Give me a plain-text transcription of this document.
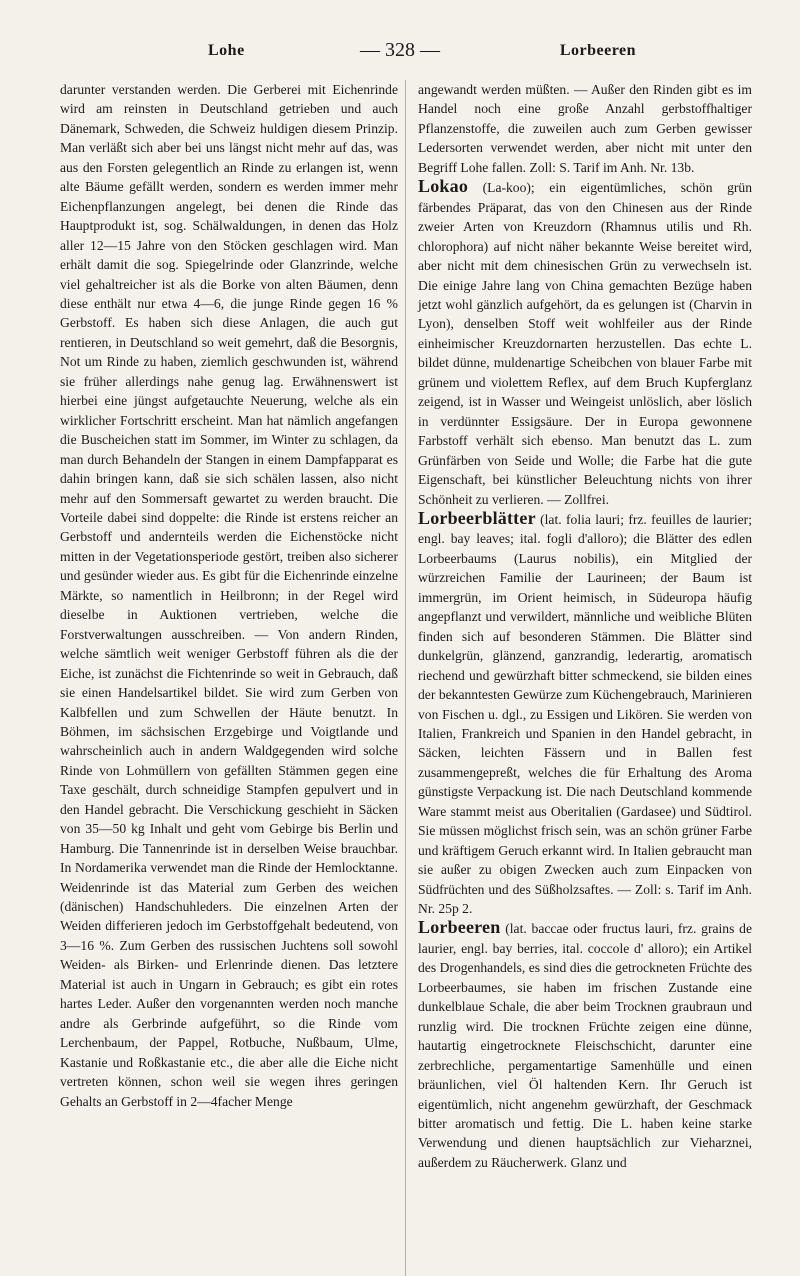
Lohe	— 328 —	Lorbeeren

darunter verstanden werden. Die Gerberei mit Eichenrinde wird am reinsten in Deutschland getrieben und auch Dänemark, Schweden, die Schweiz huldigen diesem Prinzip. Man verläßt sich aber bei uns längst nicht mehr auf das, was aus den Forsten gelegentlich an Rinde zu erlangen ist, wenn alte Bäume gefällt werden, sondern es werden immer mehr Eichenpflanzungen angelegt, bei denen die Rinde das Hauptprodukt ist, sog. Schälwaldungen, in denen das Holz aller 12—15 Jahre von den Stöcken geschlagen wird. Man erhält damit die sog. Spiegelrinde oder Glanzrinde, welche viel gehaltreicher ist als die Borke von alten Bäumen, denn diese enthält nur etwa 4—6, die junge Rinde gegen 16 % Gerbstoff. Es haben sich diese Anlagen, die auch gut rentieren, in Deutschland so weit gemehrt, daß die Besorgnis, Not um Rinde zu haben, ziemlich geschwunden ist, während sie früher allerdings nahe genug lag. Erwähnenswert ist hierbei eine jüngst aufgetauchte Neuerung, welche als ein wirklicher Fortschritt erscheint. Man hat nämlich angefangen die Buscheichen statt im Sommer, im Winter zu schlagen, da man durch Behandeln der Stangen in einem Dampfapparat es dahin bringen kann, daß sie sich schälen lassen, also nicht mehr auf den Sommersaft gewartet zu werden braucht. Die Vorteile dabei sind doppelte: die Rinde ist erstens reicher an Gerbstoff und andernteils werden die Eichenstöcke nicht mitten in der Vegetationsperiode gestört, treiben also sicherer und gesünder wieder aus. Es gibt für die Eichenrinde einzelne Märkte, so namentlich in Heilbronn; in der Regel wird dieselbe in Auktionen vertrieben, welche die Forstverwaltungen ausschreiben. — Von andern Rinden, welche sämtlich weit weniger Gerbstoff führen als die der Eiche, ist zunächst die Fichtenrinde so weit in Gebrauch, daß sie einen Handelsartikel bildet. Sie wird zum Gerben von Kalbfellen und zum Schwellen der Häute benutzt. In Böhmen, im sächsischen Erzgebirge und Voigtlande und wahrscheinlich auch in andern Waldgegenden wird solche Rinde von Lohmüllern von gefällten Stämmen gegen eine Taxe geschält, durch schneidige Stampfen gepulvert und in den Handel gebracht. Die Verschickung geschieht in Säcken von 35—50 kg Inhalt und geht vom Gebirge bis Berlin und Hamburg. Die Tannenrinde ist in derselben Weise brauchbar. In Nordamerika verwendet man die Rinde der Hemlocktanne. Weidenrinde ist das Material zum Gerben des weichen (dänischen) Handschuhleders. Die einzelnen Arten der Weiden differieren jedoch im Gerbstoffgehalt bedeutend, von 3—16 %. Zum Gerben des russischen Juchtens soll sowohl Weiden- als Birken- und Erlenrinde dienen. Das letztere Material ist auch in Ungarn in Gebrauch; es gibt ein rotes hartes Leder. Außer den vorgenannten werden noch manche andre als Gerbrinde aufgeführt, so die Rinde vom Lerchenbaum, der Pappel, Rotbuche, Nußbaum, Ulme, Kastanie und Roßkastanie etc., die aber alle die Eiche nicht vertreten können, schon weil sie wegen ihres geringen Gehalts an Gerbstoff in 2—4facher Menge

angewandt werden müßten. — Außer den Rinden gibt es im Handel noch eine große Anzahl gerbstoffhaltiger Pflanzenstoffe, die zuweilen auch zum Gerben gewisser Ledersorten verwendet werden, aber nicht mit unter den Begriff Lohe fallen. Zoll: S. Tarif im Anh. Nr. 13b.

Lokao (La-koo); ein eigentümliches, schön grün färbendes Präparat, das von den Chinesen aus der Rinde zweier Arten von Kreuzdorn (Rhamnus utilis und Rh. chlorophora) auf nicht näher bekannte Weise bereitet wird, aber nicht mit dem chinesischen Grün zu verwechseln ist. Die einige Jahre lang von China gemachten Bezüge haben jetzt wohl gänzlich aufgehört, da es gelungen ist (Charvin in Lyon), denselben Stoff weit wohlfeiler aus der Rinde einheimischer Kreuzdornarten herzustellen. Das echte L. bildet dünne, muldenartige Scheibchen von blauer Farbe mit grünem und violettem Reflex, auf dem Bruch Kupferglanz zeigend, ist in Wasser und Weingeist unlöslich, aber löslich in verdünnter Essigsäure. Der in Europa gewonnene Farbstoff verhält sich ebenso. Man benutzt das L. zum Grünfärben von Seide und Wolle; die Farbe hat die gute Eigenschaft, bei künstlicher Beleuchtung nichts von ihrer Schönheit zu verlieren. — Zollfrei.

Lorbeerblätter (lat. folia lauri; frz. feuilles de laurier; engl. bay leaves; ital. fogli d'alloro); die Blätter des edlen Lorbeerbaums (Laurus nobilis), ein Mitglied der würzreichen Familie der Laurineen; der Baum ist immergrün, im Orient heimisch, in Südeuropa häufig angepflanzt und verwildert, männliche und weibliche Blüten finden sich auf besonderen Stämmen. Die Blätter sind dunkelgrün, glänzend, ganzrandig, lederartig, aromatisch riechend und gewürzhaft bitter schmeckend, sie bilden eines der bekanntesten Gewürze zum Küchengebrauch, Marinieren von Fischen u. dgl., zu Essigen und Likören. Sie werden von Italien, Frankreich und Spanien in den Handel gebracht, in Säcken, leichten Fässern und in Ballen fest zusammengepreßt, welches die für Erhaltung des Aroma günstigste Verpackung ist. Die nach Deutschland kommende Ware stammt meist aus Oberitalien (Gardasee) und Südtirol. Sie müssen möglichst frisch sein, was an schön grüner Farbe und kräftigem Geruch erkannt wird. In Italien gebraucht man sie außer zu obigen Zwecken auch zum Einpacken von Südfrüchten und des Süßholzsaftes. — Zoll: s. Tarif im Anh. Nr. 25p 2.

Lorbeeren (lat. baccae oder fructus lauri, frz. grains de laurier, engl. bay berries, ital. coccole d' alloro); ein Artikel des Drogenhandels, es sind dies die getrockneten Früchte des Lorbeerbaumes, sie haben im frischen Zustande eine dunkelblaue Schale, die aber beim Trocknen graubraun und runzlig wird. Die trocknen Früchte zeigen eine dünne, hautartig eingetrocknete Fleischschicht, darunter eine zerbrechliche, pergamentartige Samenhülle und einen bräunlichen, viel Öl haltenden Kern. Ihr Geruch ist eigentümlich, nicht angenehm gewürzhaft, der Geschmack bitter aromatisch und fettig. Die L. haben keine starke Verwendung und dienen hauptsächlich zur Vieharznei, außerdem zu Räucherwerk. Glanz und
